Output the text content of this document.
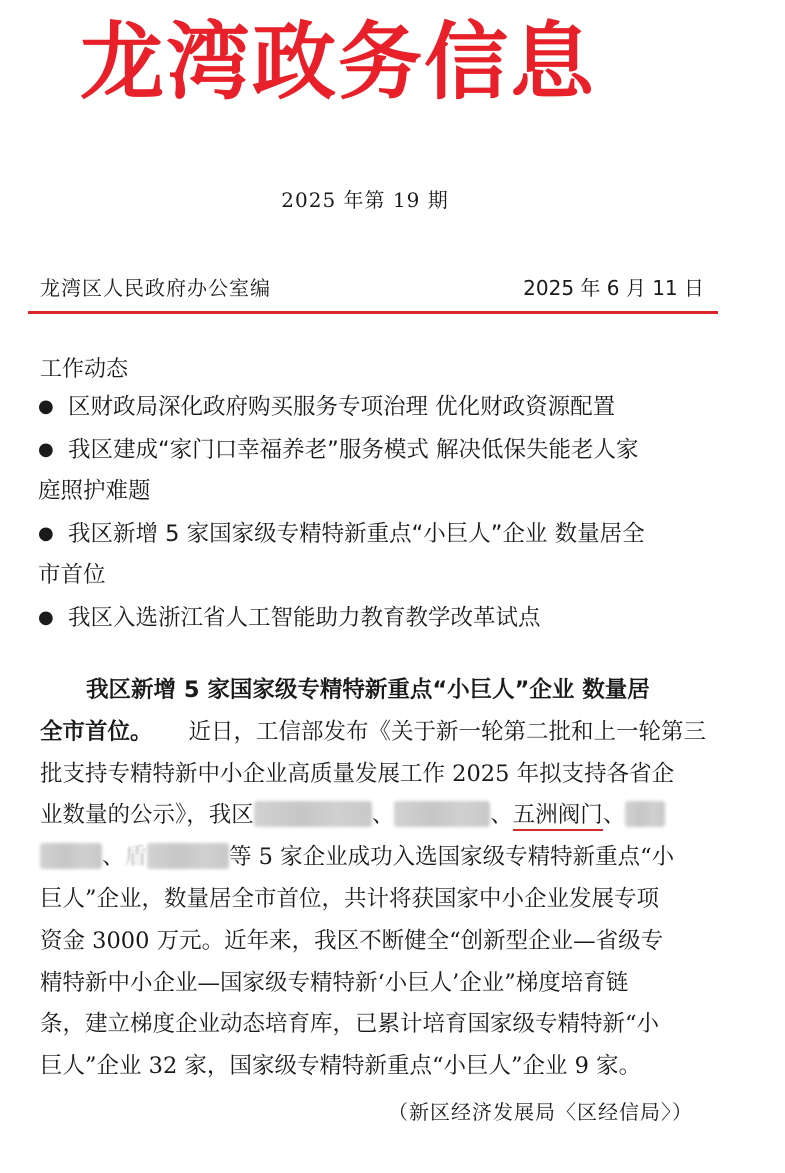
龙湾政务信息
2025 年第 19 期
龙湾区人民政府办公室编	2025 年 6 月 11 日
工作动态
● 区财政局深化政府购买服务专项治理 优化财政资源配置
● 我区建成“家门口幸福养老”服务模式 解决低保失能老人家
庭照护难题
● 我区新增 5 家国家级专精特新重点“小巨人”企业 数量居全
市首位
● 我区入选浙江省人工智能助力教育教学改革试点
我区新增 5 家国家级专精特新重点“小巨人”企业 数量居
全市首位。 近日，工信部发布《关于新一轮第二批和上一轮第三
批支持专精特新中小企业高质量发展工作 2025 年拟支持各省企
业数量的公示》，我区	、	、五洲阀门、
、盾	等 5 家企业成功入选国家级专精特新重点“小
巨人”企业，数量居全市首位，共计将获国家中小企业发展专项
资金 3000 万元。近年来，我区不断健全“创新型企业—省级专
精特新中小企业—国家级专精特新‘小巨人’企业”梯度培育链
条，建立梯度企业动态培育库，已累计培育国家级专精特新“小
巨人”企业 32 家，国家级专精特新重点“小巨人”企业 9 家。
（新区经济发展局〈区经信局〉）
